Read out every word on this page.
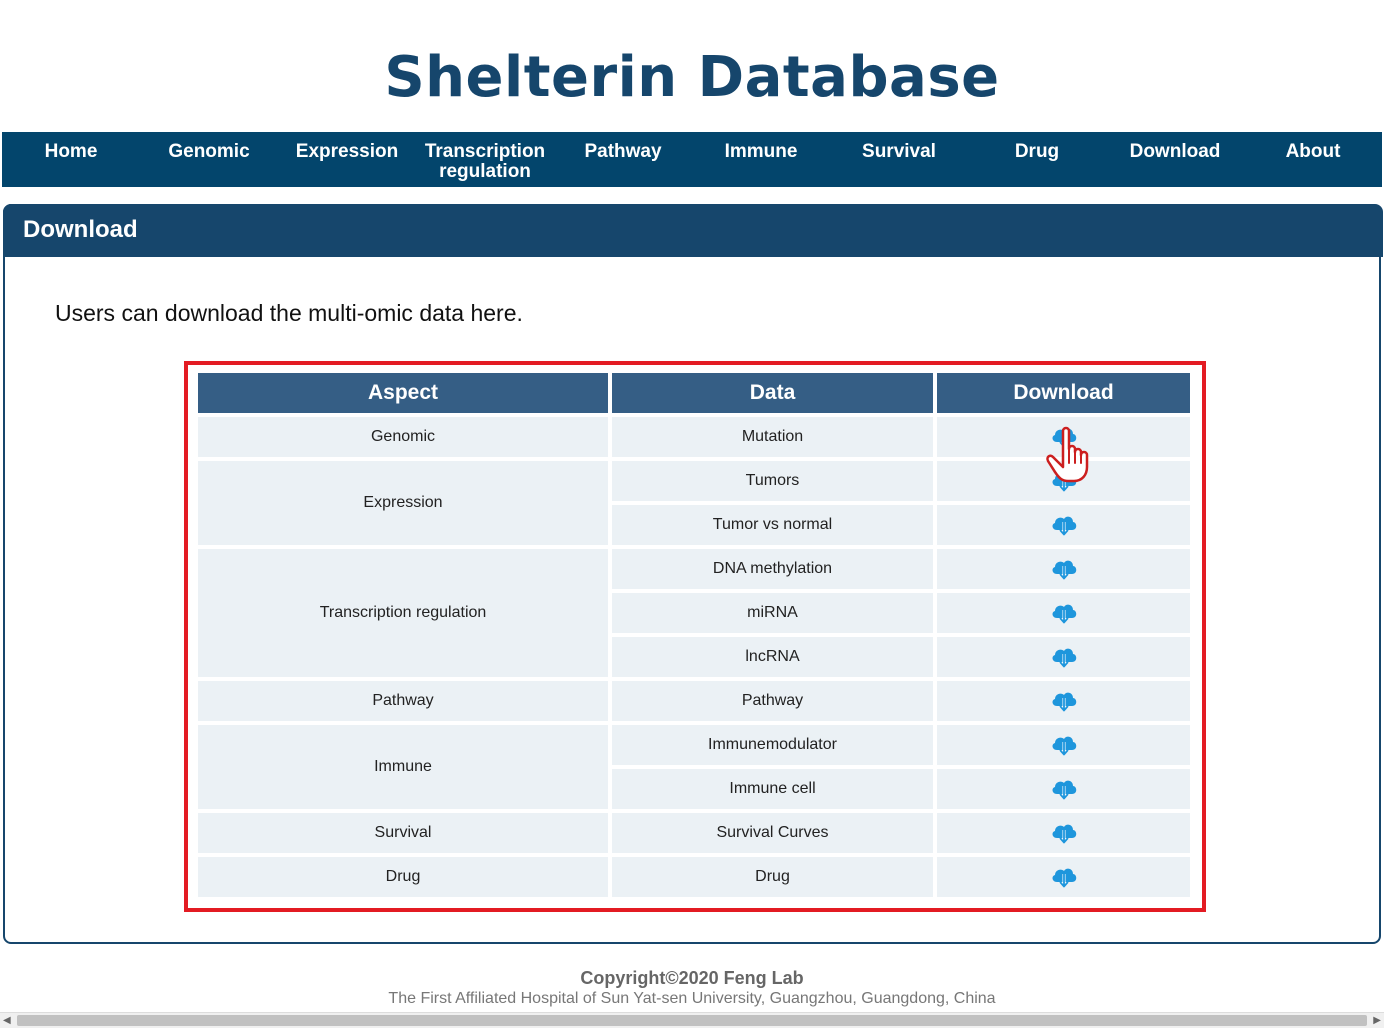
Shelterin Database
Home	Genomic	Expression	Transcription regulation
Pathway	Immune	Survival	Drug	Download	About
Download
Users can download the multi-omic data here.
Aspect	Data	Download
Genomic	Mutation	
Expression	Tumors	
	Tumor vs normal	
Transcription regulation	DNA methylation	
	miRNA	
	lncRNA	
Pathway	Pathway	
Immune	Immunemodulator	
	Immune cell	
Survival	Survival Curves	
Drug	Drug	
Copyright©2020 Feng Lab
The First Affiliated Hospital of Sun Yat-sen University, Guangzhou, Guangdong, China
◀	▶
